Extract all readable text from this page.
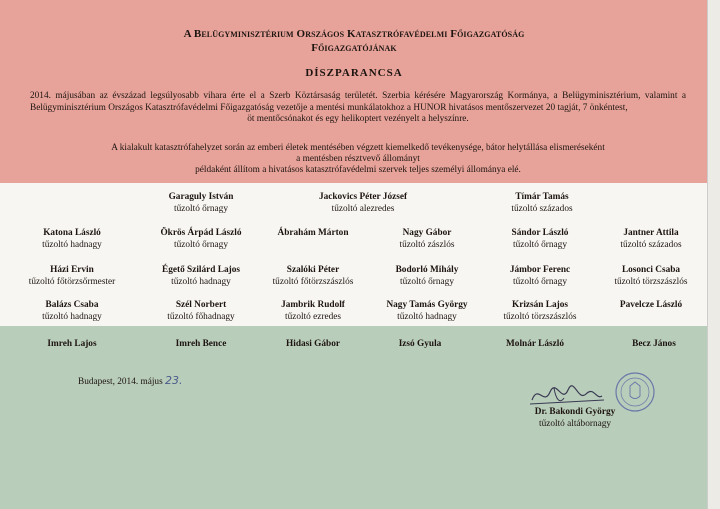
A Belügyminisztérium Országos Katasztrófavédelmi Főigazgatóság
Főigazgatójának
DÍSZPARANCSA
2014. májusában az évszázad legsúlyosabb vihara érte el a Szerb Köztársaság területét. Szerbia kérésére Magyarország Kormánya, a Belügyminisztérium, valamint a Belügyminisztérium Országos Katasztrófavédelmi Főigazgatóság vezetője a mentési munkálatokhoz a HUNOR hivatásos mentőszervezet 20 tagját, 7 önkéntest,
öt mentőcsónakot és egy helikoptert vezényelt a helyszínre.
A kialakult katasztrófahelyzet során az emberi életek mentésében végzett kiemelkedő tevékenysége, bátor helytállása elismeréseként
a mentésben résztvevő állományt
példaként állítom a hivatásos katasztrófavédelmi szervek teljes személyi állománya elé.
Garaguly István
tűzoltó őrnagy
Jackovics Péter József
tűzoltó alezredes
Tímár Tamás
tűzoltó százados
Katona László
tűzoltó hadnagy
Ökrös Árpád László
tűzoltó őrnagy
Ábrahám Márton	Nagy Gábor
tűzoltó zászlós
Sándor László
tűzoltó őrnagy
Jantner Attila
tűzoltó százados
Házi Ervin
tűzoltó főtörzsőrmester
Égető Szilárd Lajos
tűzoltó hadnagy
Szalóki Péter
tűzoltó főtörzszászlós
Bodorló Mihály
tűzoltó őrnagy
Jámbor Ferenc
tűzoltó őrnagy
Losonci Csaba
tűzoltó törzszászlós
Balázs Csaba
tűzoltó hadnagy
Szél Norbert
tűzoltó főhadnagy
Jambrik Rudolf
tűzoltó ezredes
Nagy Tamás György
tűzoltó hadnagy
Krizsán Lajos
tűzoltó törzszászlós
Pavelcze László
Imreh Lajos	Imreh Bence	Hidasi Gábor	Izsó Gyula	Molnár László	Becz János
Budapest, 2014. május 23.
Dr. Bakondi György
tűzoltó altábornagy
